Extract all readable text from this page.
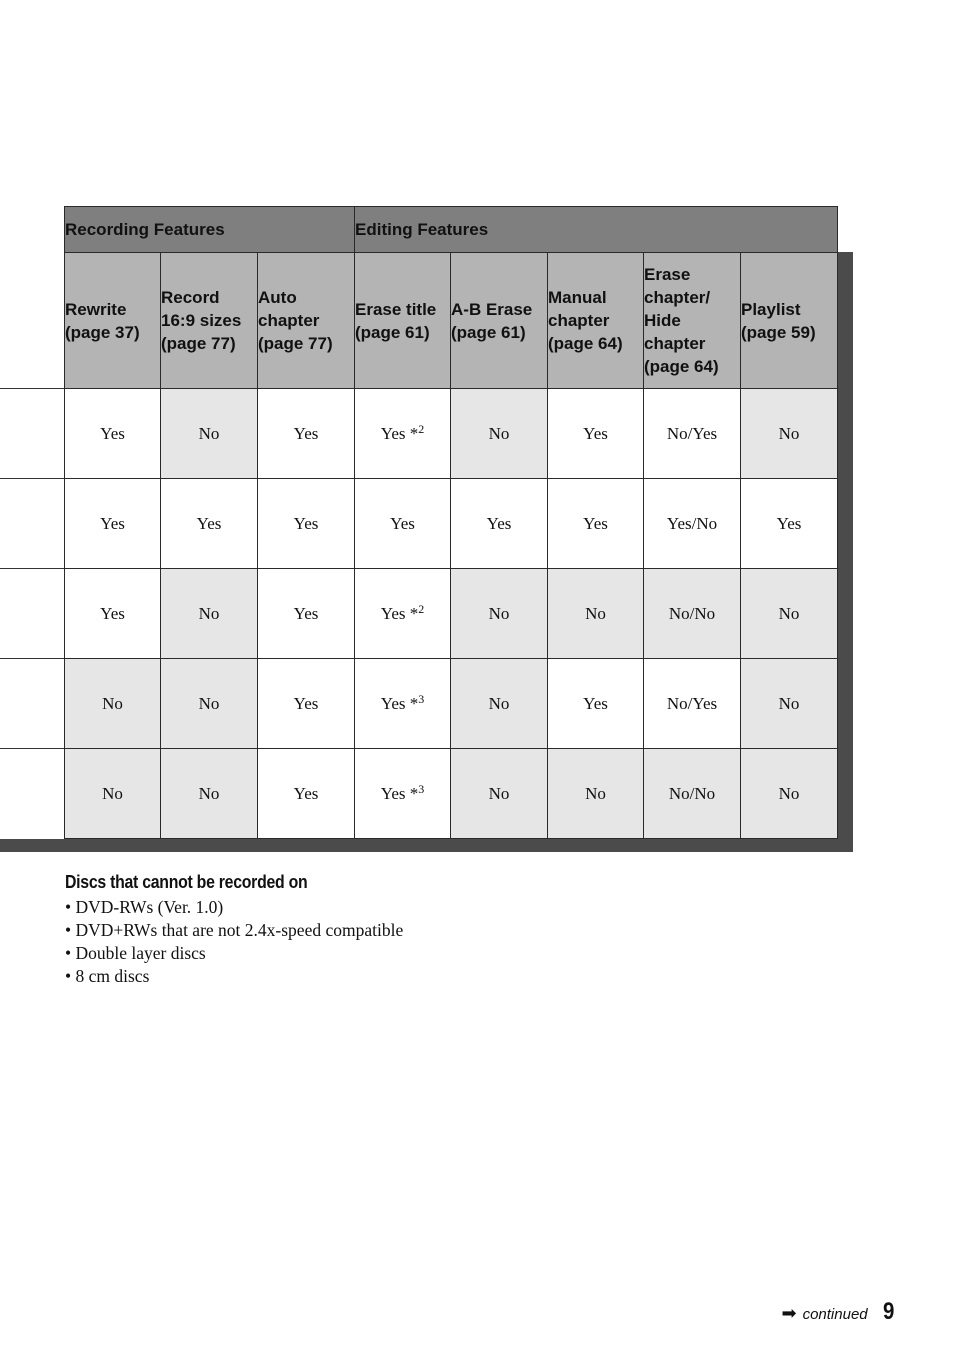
Recording Features			Editing Features				
Rewrite
(page 37)	Record
16:9 sizes
(page 77)	Auto
chapter
(page 77)	Erase title
(page 61)	A-B Erase
(page 61)	Manual
chapter
(page 64)	Erase
chapter/
Hide
chapter
(page 64)	Playlist
(page 59)
Yes	No	Yes	Yes *$^2$	No	Yes	No/Yes	No
Yes	Yes	Yes	Yes	Yes	Yes	Yes/No	Yes
Yes	No	Yes	Yes *$^2$	No	No	No/No	No
No	No	Yes	Yes *$^3$	No	Yes	No/Yes	No
No	No	Yes	Yes *$^3$	No	No	No/No	No
Discs that cannot be recorded on
• DVD-RWs (Ver. 1.0)
• DVD+RWs that are not 2.4x-speed compatible
• Double layer discs
• 8 cm discs
➡ continued 9
